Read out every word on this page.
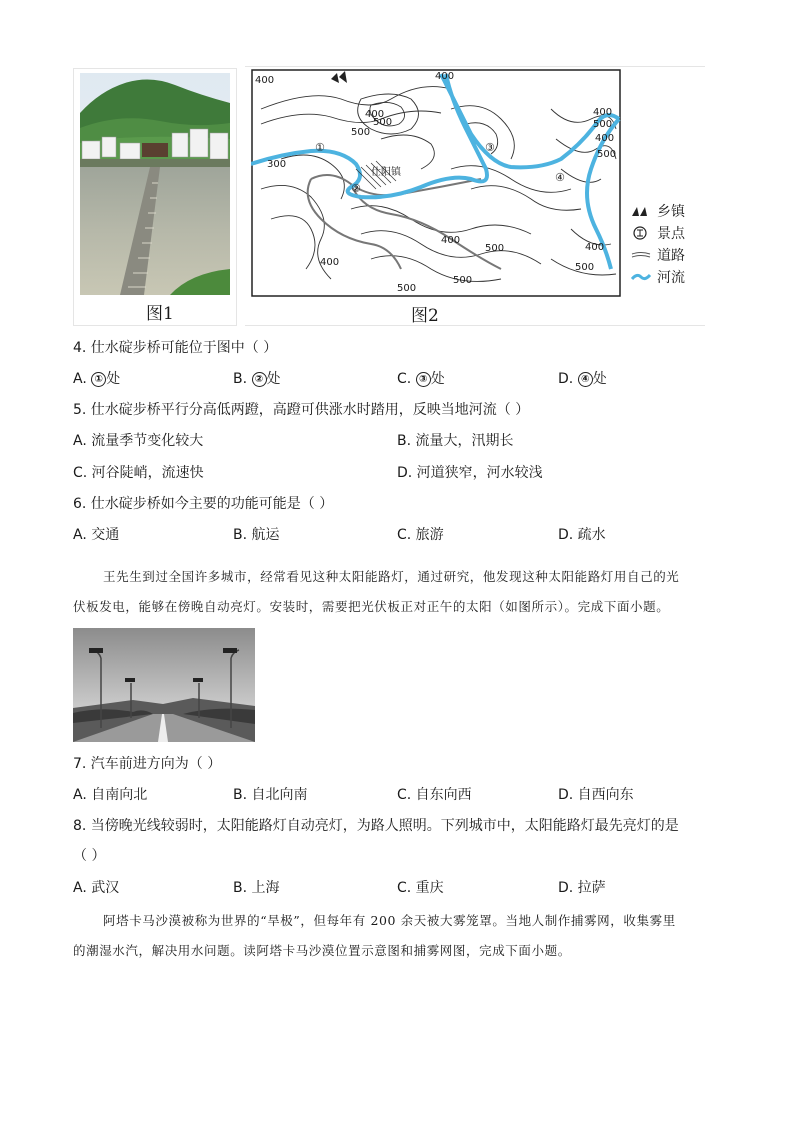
图1
400	400
400
500
500
300
400
500
400
500
400
500
400
400	500
500
500
仕阳镇
①
②
③
④
乡镇
景点
道路
河流
图2
4. 仕水碇步桥可能位于图中（ ）
A. ① 处	B. ② 处	C. ③ 处	D. ④ 处
5. 仕水碇步桥平行分高低两蹬，高蹬可供涨水时踏用，反映当地河流（ ）
A. 流量季节变化较大	B. 流量大，汛期长
C. 河谷陡峭，流速快	D. 河道狭窄，河水较浅
6. 仕水碇步桥如今主要的功能可能是（ ）
A. 交通	B. 航运	C. 旅游	D. 疏水
王先生到过全国许多城市，经常看见这种太阳能路灯，通过研究，他发现这种太阳能路灯用自己的光
伏板发电，能够在傍晚自动亮灯。安装时，需要把光伏板正对正午的太阳（如图所示）。完成下面小题。
7. 汽车前进方向为（ ）
A. 自南向北	B. 自北向南	C. 自东向西	D. 自西向东
8. 当傍晚光线较弱时，太阳能路灯自动亮灯，为路人照明。下列城市中，太阳能路灯最先亮灯的是
（ ）
A. 武汉	B. 上海	C. 重庆	D. 拉萨
阿塔卡马沙漠被称为世界的“旱极”，但每年有 200 余天被大雾笼罩。当地人制作捕雾网，收集雾里
的潮湿水汽，解决用水问题。读阿塔卡马沙漠位置示意图和捕雾网图，完成下面小题。
